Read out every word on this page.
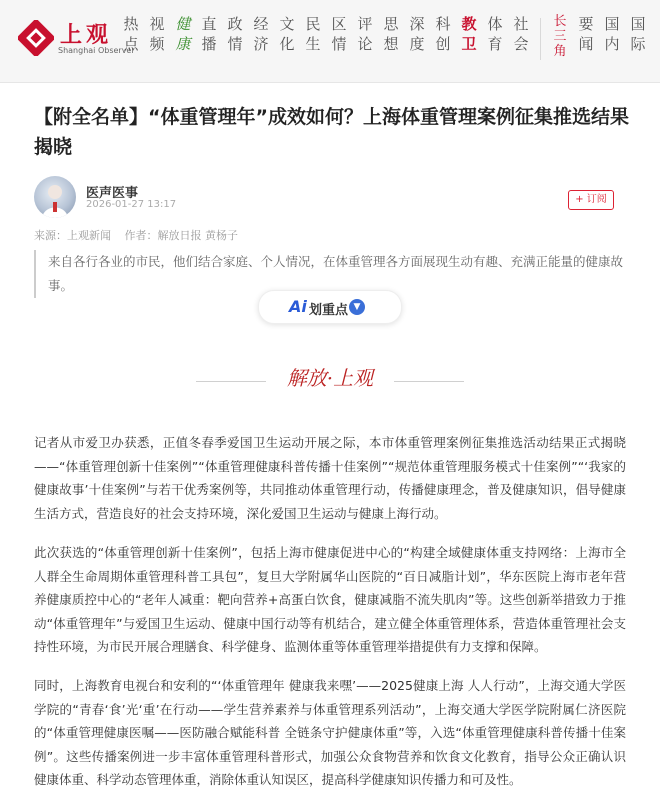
上观
Shanghai Observer
热
点
视
频
健
康
直
播
政
情
经
济
文
化
民
生
区
情
评
论
思
想
深
度
科
创
教
卫
体
育
社
会
长
三
角
要
闻
国
内
国
际
【附全名单】“体重管理年”成效如何？上海体重管理案例征集推选结果揭晓
医声医事
2026-01-27 13:17	+ 订阅
来源：上观新闻 作者：解放日报 黄杨子
来自各行各业的市民，他们结合家庭、个人情况，在体重管理各方面展现生动有趣、充满正能量的健康故事。
Ai 划重点 ▼
解放·上观
记者从市爱卫办获悉，正值冬春季爱国卫生运动开展之际，本市体重管理案例征集推选活动结果正式揭晓——“体重管理创新十佳案例”“体重管理健康科普传播十佳案例”“规范体重管理服务模式十佳案例”“‘我家的健康故事’十佳案例”与若干优秀案例等，共同推动体重管理行动，传播健康理念，普及健康知识，倡导健康生活方式，营造良好的社会支持环境，深化爱国卫生运动与健康上海行动。
此次获选的“体重管理创新十佳案例”，包括上海市健康促进中心的“构建全域健康体重支持网络：上海市全人群全生命周期体重管理科普工具包”，复旦大学附属华山医院的“百日减脂计划”，华东医院上海市老年营养健康质控中心的“老年人减重：靶向营养+高蛋白饮食，健康减脂不流失肌肉”等。这些创新举措致力于推动“体重管理年”与爱国卫生运动、健康中国行动等有机结合，建立健全体重管理体系，营造体重管理社会支持性环境，为市民开展合理膳食、科学健身、监测体重等体重管理举措提供有力支撑和保障。
同时，上海教育电视台和安利的“‘体重管理年 健康我来嘿’——2025健康上海 人人行动”，上海交通大学医学院的“青春‘食’光‘重’在行动——学生营养素养与体重管理系列活动”，上海交通大学医学院附属仁济医院的“体重管理健康医嘱——医防融合赋能科普 全链条守护健康体重”等，入选“体重管理健康科普传播十佳案例”。这些传播案例进一步丰富体重管理科普形式，加强公众食物营养和饮食文化教育，指导公众正确认识健康体重、科学动态管理体重，消除体重认知误区，提高科学健康知识传播力和可及性。
